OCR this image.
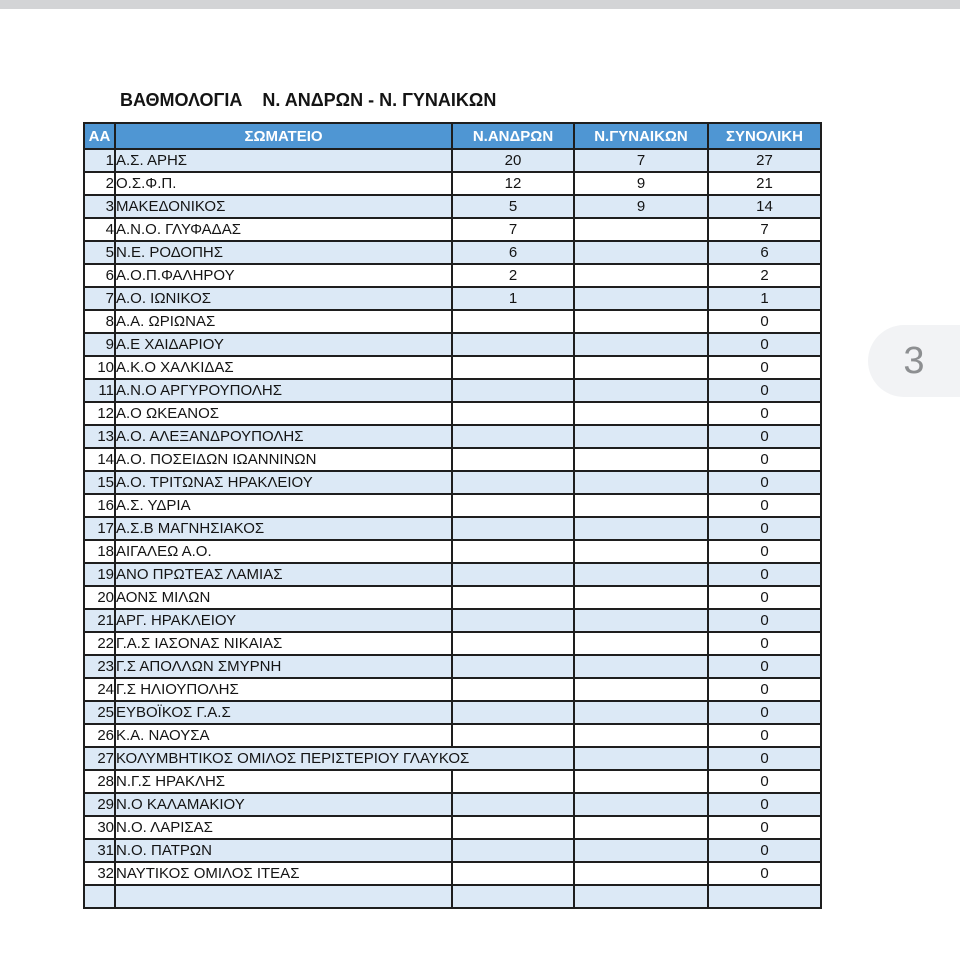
ΒΑΘΜΟΛΟΓΙΑ    Ν. ΑΝΔΡΩΝ - Ν. ΓΥΝΑΙΚΩΝ
ΑΑ	ΣΩΜΑΤΕΙΟ	Ν.ΑΝΔΡΩΝ	Ν.ΓΥΝΑΙΚΩΝ	ΣΥΝΟΛΙΚΗ
1	Α.Σ. ΑΡΗΣ	20	7	27
2	Ο.Σ.Φ.Π.	12	9	21
3	ΜΑΚΕΔΟΝΙΚΟΣ	5	9	14
4	Α.Ν.Ο. ΓΛΥΦΑΔΑΣ	7		7
5	Ν.Ε. ΡΟΔΟΠΗΣ	6		6
6	Α.Ο.Π.ΦΑΛΗΡΟΥ	2		2
7	Α.Ο. ΙΩΝΙΚΟΣ	1		1
8	Α.Α. ΩΡΙΩΝΑΣ			0
9	Α.Ε ΧΑΙΔΑΡΙΟΥ			0
10	Α.Κ.Ο ΧΑΛΚΙΔΑΣ			0
11	Α.Ν.Ο ΑΡΓΥΡΟΥΠΟΛΗΣ			0
12	Α.Ο ΩΚΕΑΝΟΣ			0
13	Α.Ο. ΑΛΕΞΑΝΔΡΟΥΠΟΛΗΣ			0
14	Α.Ο. ΠΟΣΕΙΔΩΝ ΙΩΑΝΝΙΝΩΝ			0
15	Α.Ο. ΤΡΙΤΩΝΑΣ ΗΡΑΚΛΕΙΟΥ			0
16	Α.Σ. ΥΔΡΙΑ			0
17	Α.Σ.Β ΜΑΓΝΗΣΙΑΚΟΣ			0
18	ΑΙΓΑΛΕΩ Α.Ο.			0
19	ΑΝΟ ΠΡΩΤΕΑΣ ΛΑΜΙΑΣ			0
20	ΑΟΝΣ ΜΙΛΩΝ			0
21	ΑΡΓ. ΗΡΑΚΛΕΙΟΥ			0
22	Γ.Α.Σ ΙΑΣΟΝΑΣ ΝΙΚΑΙΑΣ			0
23	Γ.Σ ΑΠΟΛΛΩΝ ΣΜΥΡΝΗ			0
24	Γ.Σ ΗΛΙΟΥΠΟΛΗΣ			0
25	ΕΥΒΟΪΚΟΣ Γ.Α.Σ			0
26	Κ.Α. ΝΑΟΥΣΑ			0
27	ΚΟΛΥΜΒΗΤΙΚΟΣ ΟΜΙΛΟΣ ΠΕΡΙΣΤΕΡΙΟΥ ΓΛΑΥΚΟΣ			0
28	Ν.Γ.Σ ΗΡΑΚΛΗΣ			0
29	Ν.Ο ΚΑΛΑΜΑΚΙΟΥ			0
30	Ν.Ο. ΛΑΡΙΣΑΣ			0
31	Ν.Ο. ΠΑΤΡΩΝ			0
32	ΝΑΥΤΙΚΟΣ ΟΜΙΛΟΣ ΙΤΕΑΣ			0

3
